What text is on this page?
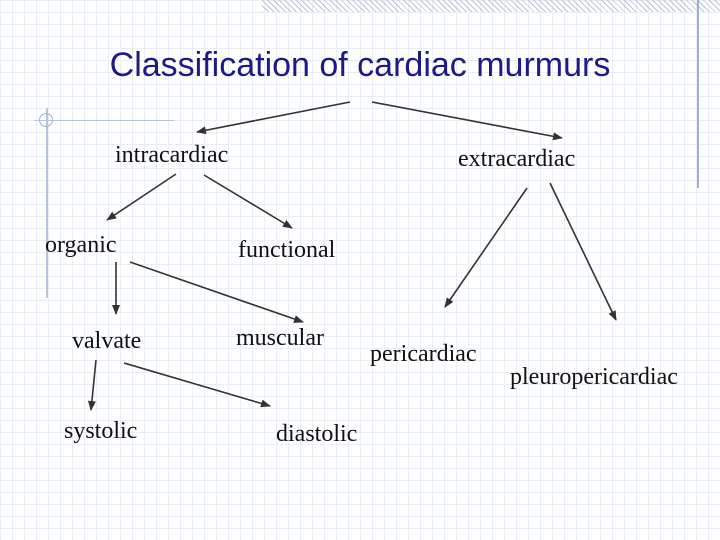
Classification of cardiac murmurs
intracardiac	extracardiac
organic	functional
valvate	muscular
pericardiac
pleuropericardiac
systolic	diastolic
